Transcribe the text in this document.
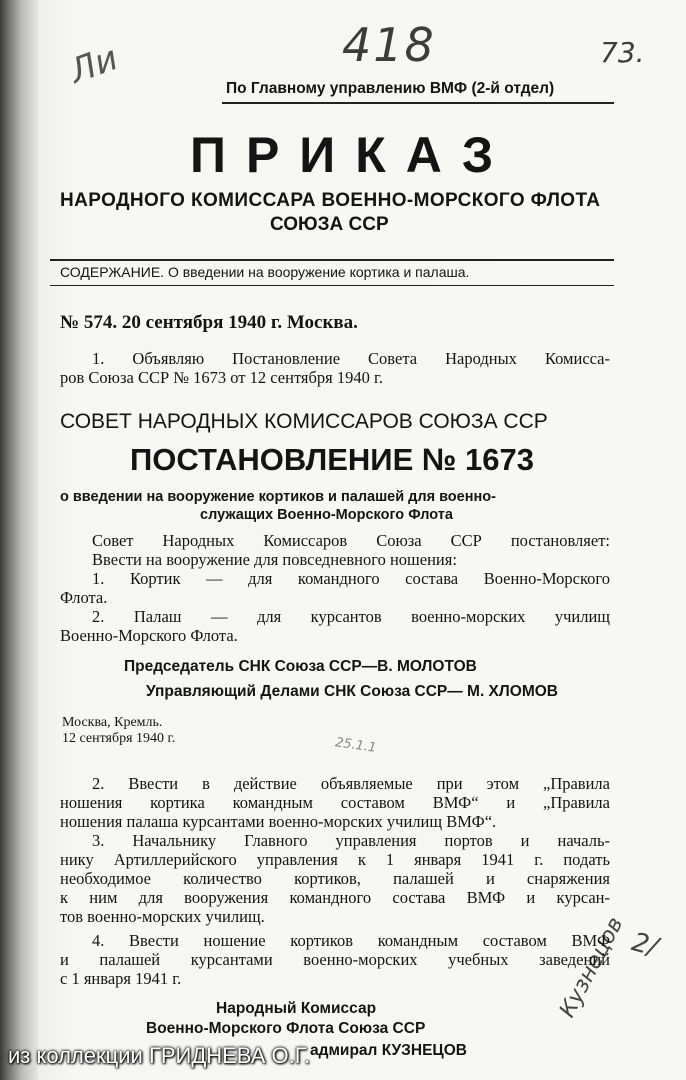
Ли	418	73.
25.1.1
2/
Кузнецов
По Главному управлению ВМФ (2-й отдел)
ПРИКАЗ
НАРОДНОГО КОМИССАРА ВОЕННО-МОРСКОГО ФЛОТА
СОЮЗА ССР
СОДЕРЖАНИЕ. О введении на вооружение кортика и палаша.
№ 574. 20 сентября 1940 г. Москва.
1. Объявляю Постановление Совета Народных Комисса-
ров Союза ССР № 1673 от 12 сентября 1940 г.
СОВЕТ НАРОДНЫХ КОМИССАРОВ СОЮЗА ССР
ПОСТАНОВЛЕНИЕ № 1673
о введении на вооружение кортиков и палашей для военно-
служащих Военно-Морского Флота
Совет Народных Комиссаров Союза ССР постановляет:
Ввести на вооружение для повседневного ношения:
1. Кортик — для командного состава Военно-Морского
Флота.
2. Палаш — для курсантов военно-морских училищ
Военно-Морского Флота.
Председатель СНК Союза ССР—В. МОЛОТОВ
Управляющий Делами СНК Союза ССР— М. ХЛОМОВ
Москва, Кремль.
12 сентября 1940 г.
2. Ввести в действие объявляемые при этом „Правила
ношения кортика командным составом ВМФ“ и „Правила
ношения палаша курсантами военно-морских училищ ВМФ“.
3. Начальнику Главного управления портов и началь-
нику Артиллерийского управления к 1 января 1941 г. подать
необходимое количество кортиков, палашей и снаряжения
к ним для вооружения командного состава ВМФ и курсан-
тов военно-морских училищ.
4. Ввести ношение кортиков командным составом ВМФ
и палашей курсантами военно-морских учебных заведений
с 1 января 1941 г.
Народный Комиссар
Военно-Морского Флота Союза ССР
адмирал КУЗНЕЦОВ
из коллекции ГРИДНЕВА О.Г.
